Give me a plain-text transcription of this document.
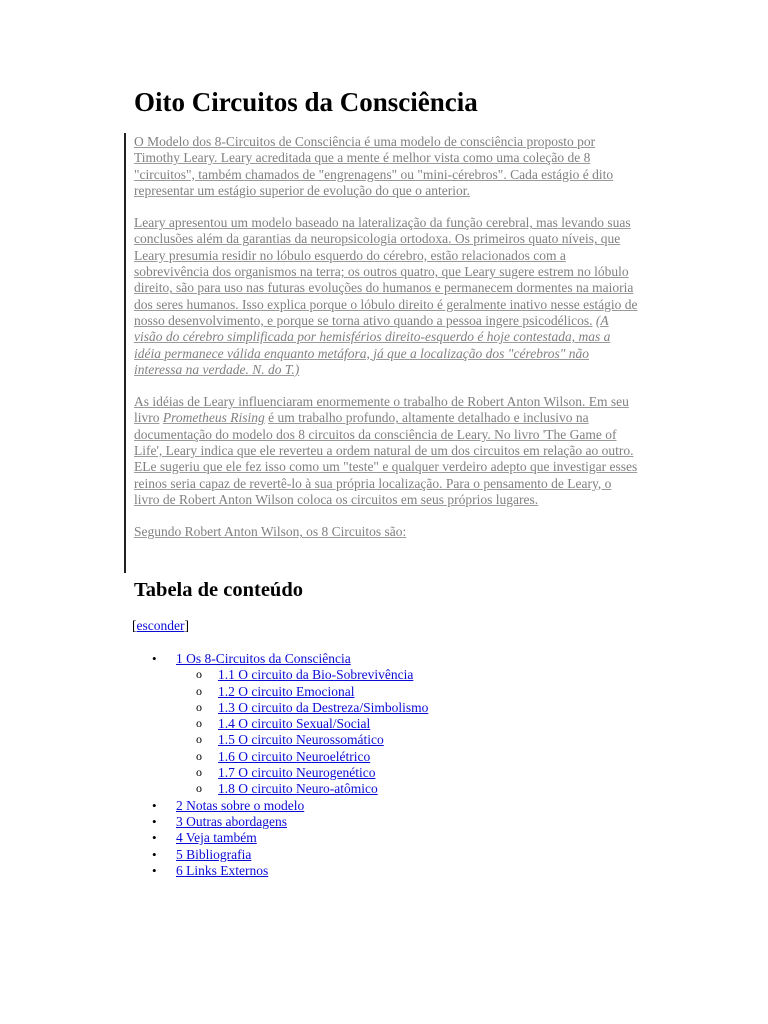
Oito Circuitos da Consciência

O Modelo dos 8-Circuitos de Consciência é uma modelo de consciência proposto por Timothy Leary. Leary acreditada que a mente é melhor vista como uma coleção de 8 "circuitos", também chamados de "engrenagens" ou "mini-cérebros". Cada estágio é dito representar um estágio superior de evolução do que o anterior.

Leary apresentou um modelo baseado na lateralização da função cerebral, mas levando suas conclusões além da garantias da neuropsicologia ortodoxa. Os primeiros quato níveis, que Leary presumia residir no lóbulo esquerdo do cérebro, estão relacionados com a sobrevivência dos organismos na terra; os outros quatro, que Leary sugere estrem no lóbulo direito, são para uso nas futuras evoluções do humanos e permanecem dormentes na maioria dos seres humanos. Isso explica porque o lóbulo direito é geralmente inativo nesse estágio de nosso desenvolvimento, e porque se torna ativo quando a pessoa ingere psicodélicos. (A visão do cérebro simplificada por hemisférios direito-esquerdo é hoje contestada, mas a idéia permanece válida enquanto metáfora, já que a localização dos "cérebros" não interessa na verdade. N. do T.)

As idéias de Leary influenciaram enormemente o trabalho de Robert Anton Wilson. Em seu livro Prometheus Rising é um trabalho profundo, altamente detalhado e inclusivo na documentação do modelo dos 8 circuitos da consciência de Leary. No livro 'The Game of Life', Leary indica que ele reverteu a ordem natural de um dos circuitos em relação ao outro. ELe sugeriu que ele fez isso como um "teste" e qualquer verdeiro adepto que investigar esses reinos seria capaz de revertê-lo à sua própria localização. Para o pensamento de Leary, o livro de Robert Anton Wilson coloca os circuitos em seus próprios lugares.

Segundo Robert Anton Wilson, os 8 Circuitos são:

Tabela de conteúdo
[esconder]
• 1 Os 8-Circuitos da Consciência
o 1.1 O circuito da Bio-Sobrevivência
o 1.2 O circuito Emocional
o 1.3 O circuito da Destreza/Simbolismo
o 1.4 O circuito Sexual/Social
o 1.5 O circuito Neurossomático
o 1.6 O circuito Neuroelétrico
o 1.7 O circuito Neurogenético
o 1.8 O circuito Neuro-atômico
• 2 Notas sobre o modelo
• 3 Outras abordagens
• 4 Veja também
• 5 Bibliografia
• 6 Links Externos
